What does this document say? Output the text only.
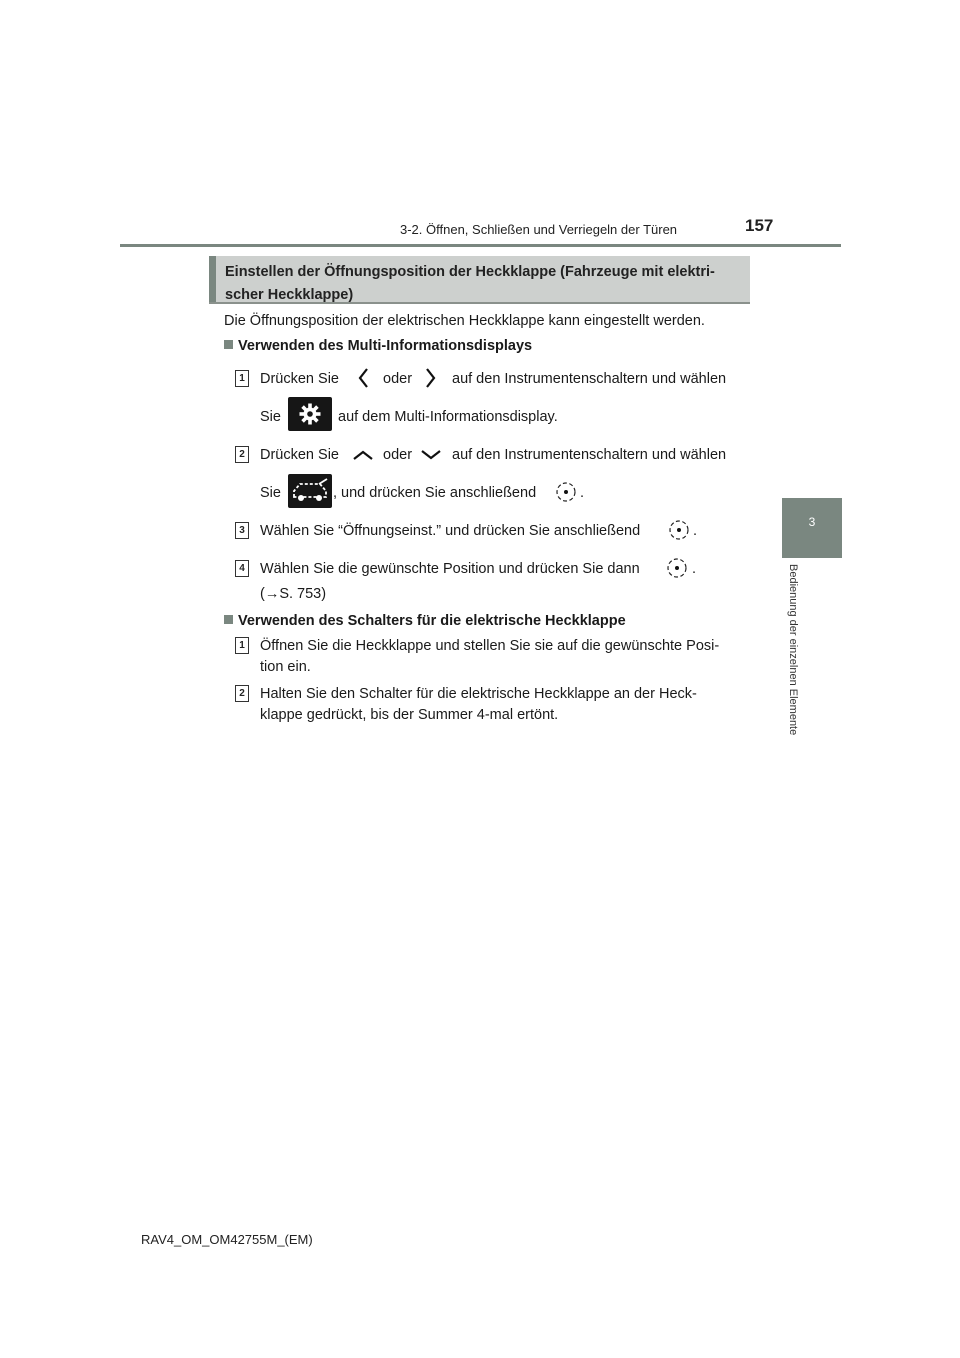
3-2. Öffnen, Schließen und Verriegeln der Türen	157
3
Bedienung der einzelnen Elemente
Einstellen der Öffnungsposition der Heckklappe (Fahrzeuge mit elektri-
scher Heckklappe)
Die Öffnungsposition der elektrischen Heckklappe kann eingestellt werden.
Verwenden des Multi-Informationsdisplays
1 Drücken Sie	oder	auf den Instrumentenschaltern und wählen
Sie	auf dem Multi-Informationsdisplay.
2 Drücken Sie	oder	auf den Instrumentenschaltern und wählen
Sie	, und drücken Sie anschließend	.
3 Wählen Sie “Öffnungseinst.” und drücken Sie anschließend	.
4 Wählen Sie die gewünschte Position und drücken Sie dann	.
(→S. 753)
Verwenden des Schalters für die elektrische Heckklappe
1 Öffnen Sie die Heckklappe und stellen Sie sie auf die gewünschte Posi-
tion ein.
2 Halten Sie den Schalter für die elektrische Heckklappe an der Heck-
klappe gedrückt, bis der Summer 4-mal ertönt.
RAV4_OM_OM42755M_(EM)
